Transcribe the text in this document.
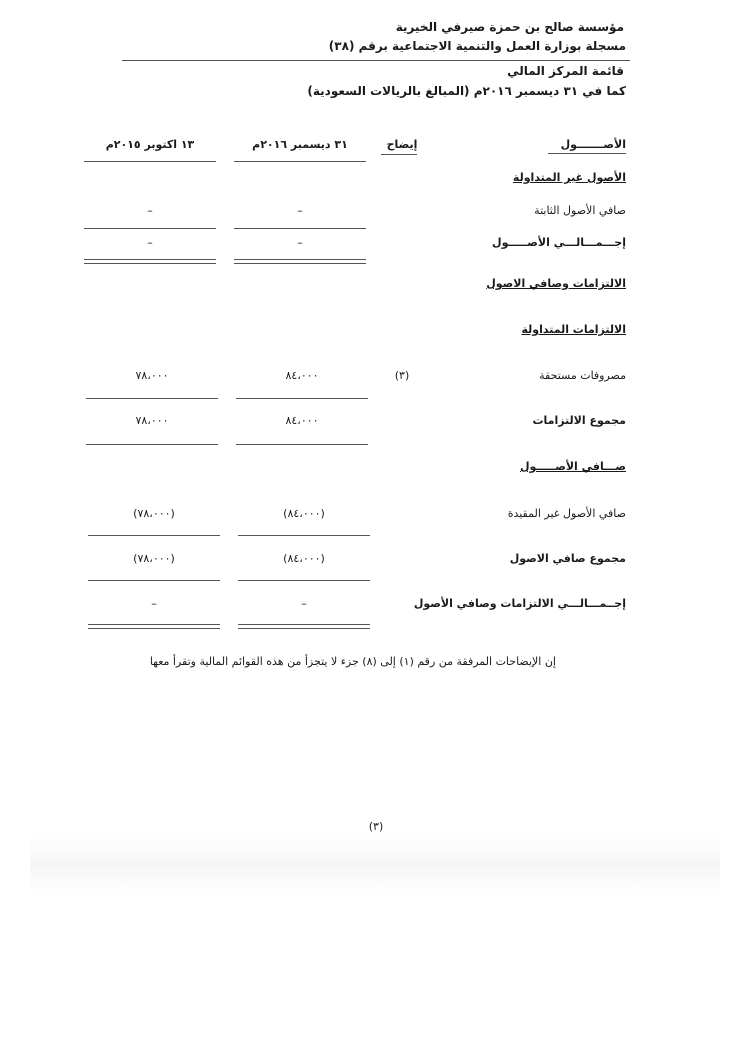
مؤسسة صالح بن حمزة صيرفي الخيرية
مسجلة بوزارة العمل والتنمية الاجتماعية برقم (٣٨)
قائمة المركز المالي
كما في ٣١ ديسمبر ٢٠١٦م (المبالغ بالريالات السعودية)
الأصـــــــول
إيضاح
٣١ ديسمبر ٢٠١٦م
١٣ اكتوبر ٢٠١٥م
الأصول غير المتداولة
صافي الأصول الثابتة
–
–
إجـــمـــالـــي الأصـــــول
–
–
الالتزامات وصافي الاصول
الالتزامات المتداولة
مصروفات مستحقة
(٣)
٨٤،٠٠٠
٧٨،٠٠٠
مجموع الالتزامات
٨٤،٠٠٠
٧٨،٠٠٠
صـــافي الأصـــــول
صافي الأصول غير المقيدة
(٨٤،٠٠٠)
(٧٨،٠٠٠)
مجموع صافي الاصول
(٨٤،٠٠٠)
(٧٨،٠٠٠)
إجــمـــالـــي الالتزامات وصافي الأصول
–
–
إن الإيضاحات المرفقة من رقم (١) إلى (٨) جزء لا يتجزأ من هذه القوائم المالية وتقرأ معها
(٣)
